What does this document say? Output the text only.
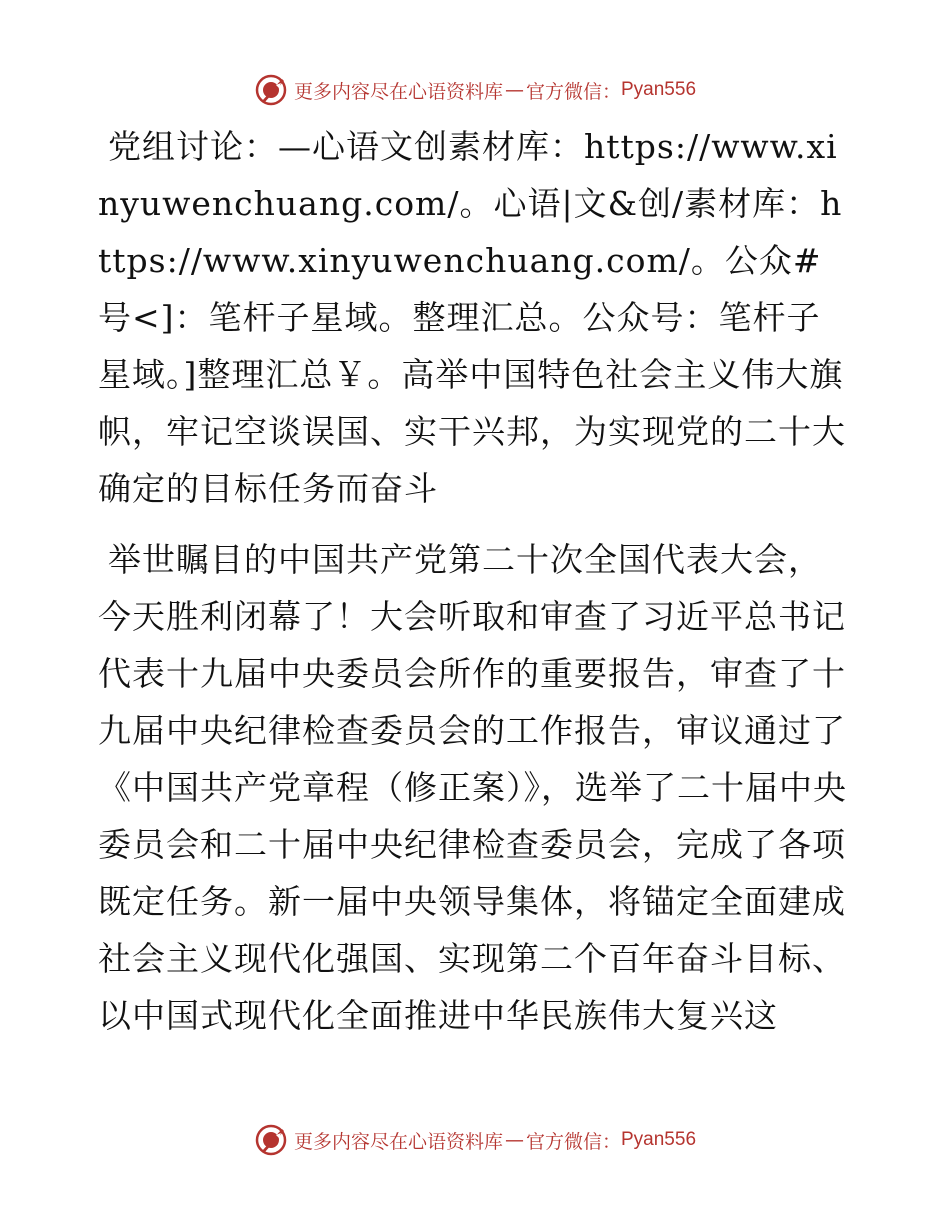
更多内容尽在心语资料库 — 官方微信： Pyan556

党组讨论：—心语文创素材库：https://www.xinyuwenchuang.com/。心语|文&创/素材库：https://www.xinyuwenchuang.com/。公众#号<]：笔杆子星域。整理汇总。公众号：笔杆子星域。]整理汇总￥。高举中国特色社会主义伟大旗帜，牢记空谈误国、实干兴邦，为实现党的二十大确定的目标任务而奋斗

举世瞩目的中国共产党第二十次全国代表大会，今天胜利闭幕了！大会听取和审查了习近平总书记代表十九届中央委员会所作的重要报告，审查了十九届中央纪律检查委员会的工作报告，审议通过了《中国共产党章程（修正案）》，选举了二十届中央委员会和二十届中央纪律检查委员会，完成了各项既定任务。新一届中央领导集体，将锚定全面建成社会主义现代化强国、实现第二个百年奋斗目标、以中国式现代化全面推进中华民族伟大复兴这

更多内容尽在心语资料库 — 官方微信： Pyan556
